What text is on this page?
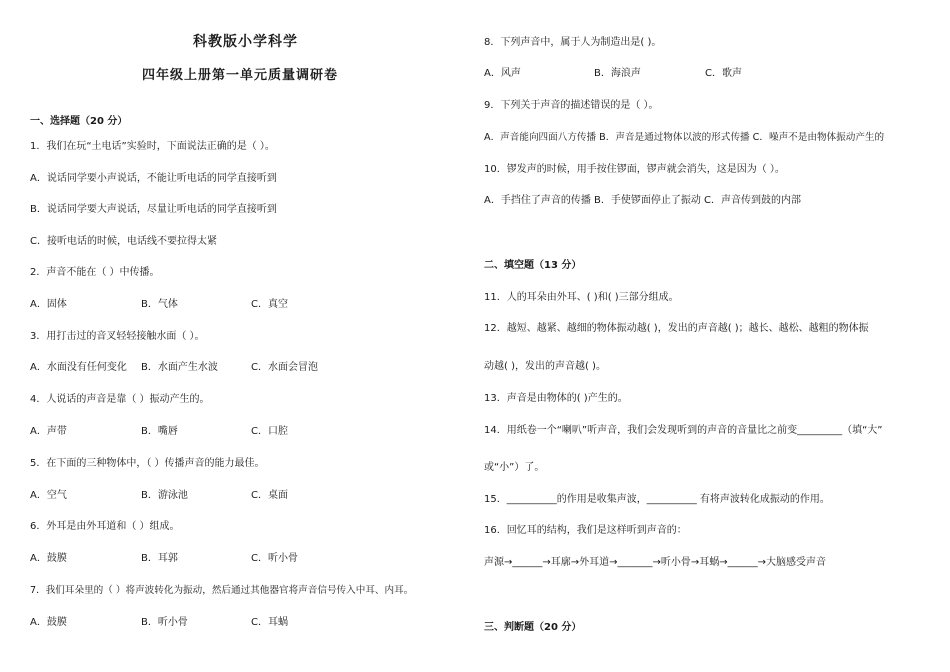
科教版小学科学
四年级上册第一单元质量调研卷
一、选择题（20 分）
1．我们在玩“土电话”实验时，下面说法正确的是（ ）。
A．说话同学要小声说话，不能让听电话的同学直接听到
B．说话同学要大声说话，尽量让听电话的同学直接听到
C．接听电话的时候，电话线不要拉得太紧
2．声音不能在（ ）中传播。
A．固体	B．气体	C．真空
3．用打击过的音叉轻轻接触水面（ ）。
A．水面没有任何变化 B．水面产生水波	C．水面会冒泡
4．人说话的声音是靠（ ）振动产生的。
A．声带	B．嘴唇	C．口腔
5．在下面的三种物体中，（ ）传播声音的能力最佳。
A．空气	B．游泳池	C．桌面
6．外耳是由外耳道和（ ）组成。
A．鼓膜	B．耳郭	C．听小骨
7．我们耳朵里的（ ）将声波转化为振动，然后通过其他器官将声音信号传入中耳、内耳。
A．鼓膜	B．听小骨	C．耳蜗
8．下列声音中，属于人为制造出是( )。
A．风声	B．海浪声	C．歌声
9．下列关于声音的描述错误的是（ ）。
A．声音能向四面八方传播 B．声音是通过物体以波的形式传播 C．噪声不是由物体振动产生的
10．锣发声的时候，用手按住锣面，锣声就会消失，这是因为（ ）。
A．手挡住了声音的传播 B．手使锣面停止了振动 C．声音传到鼓的内部
二、填空题（13 分）
11．人的耳朵由外耳、( )和( )三部分组成。
12．越短、越紧、越细的物体振动越( )，发出的声音越( )；越长、越松、越粗的物体振
动越( )，发出的声音越( )。
13．声音是由物体的( )产生的。
14．用纸卷一个“喇叭”听声音，我们会发现听到的声音的音量比之前变_________（填“大”
或“小”）了。
15．__________的作用是收集声波，__________ 有将声波转化成振动的作用。
16．回忆耳的结构，我们是这样听到声音的：
声源→______→耳廓→外耳道→_______→听小骨→耳蜗→______→大脑感受声音
三、判断题（20 分）
